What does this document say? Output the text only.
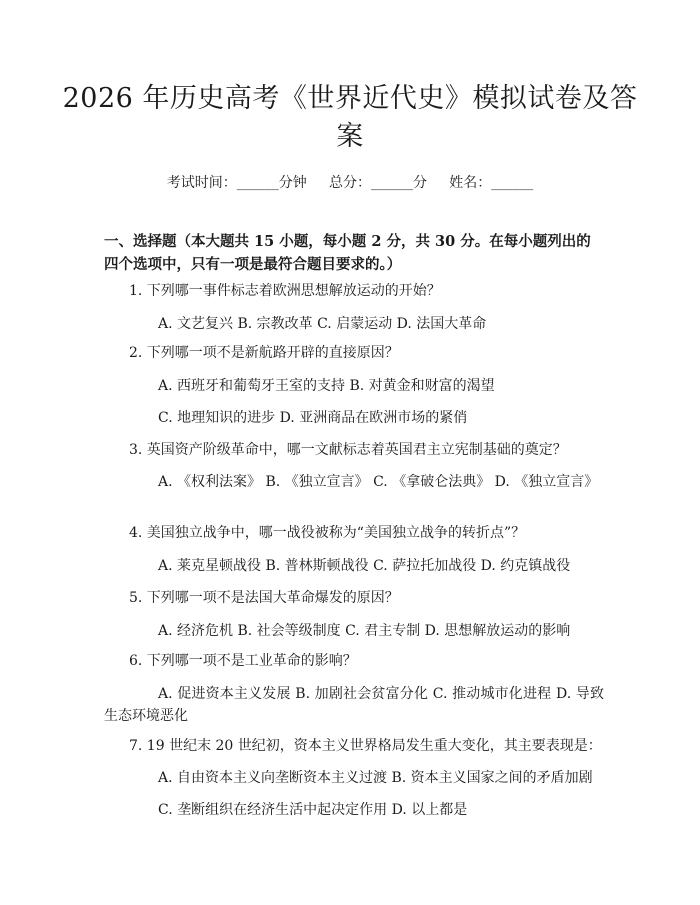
2026 年历史高考《世界近代史》模拟试卷及答案
考试时间：______分钟     总分：______分     姓名：______
一、选择题（本大题共 15 小题，每小题 2 分，共 30 分。在每小题列出的四个选项中，只有一项是最符合题目要求的。）
1. 下列哪一事件标志着欧洲思想解放运动的开始？
A. 文艺复兴 B. 宗教改革 C. 启蒙运动 D. 法国大革命
2. 下列哪一项不是新航路开辟的直接原因？
A. 西班牙和葡萄牙王室的支持 B. 对黄金和财富的渴望
C. 地理知识的进步 D. 亚洲商品在欧洲市场的紧俏
3. 英国资产阶级革命中，哪一文献标志着英国君主立宪制基础的奠定？
A. 《权利法案》 B. 《独立宣言》 C. 《拿破仑法典》 D. 《独立宣言》
4. 美国独立战争中，哪一战役被称为“美国独立战争的转折点”？
A. 莱克星顿战役 B. 普林斯顿战役 C. 萨拉托加战役 D. 约克镇战役
5. 下列哪一项不是法国大革命爆发的原因？
A. 经济危机 B. 社会等级制度 C. 君主专制 D. 思想解放运动的影响
6. 下列哪一项不是工业革命的影响？
A. 促进资本主义发展 B. 加剧社会贫富分化 C. 推动城市化进程 D. 导致生态环境恶化
7. 19 世纪末 20 世纪初，资本主义世界格局发生重大变化，其主要表现是：
A. 自由资本主义向垄断资本主义过渡 B. 资本主义国家之间的矛盾加剧
C. 垄断组织在经济生活中起决定作用 D. 以上都是
